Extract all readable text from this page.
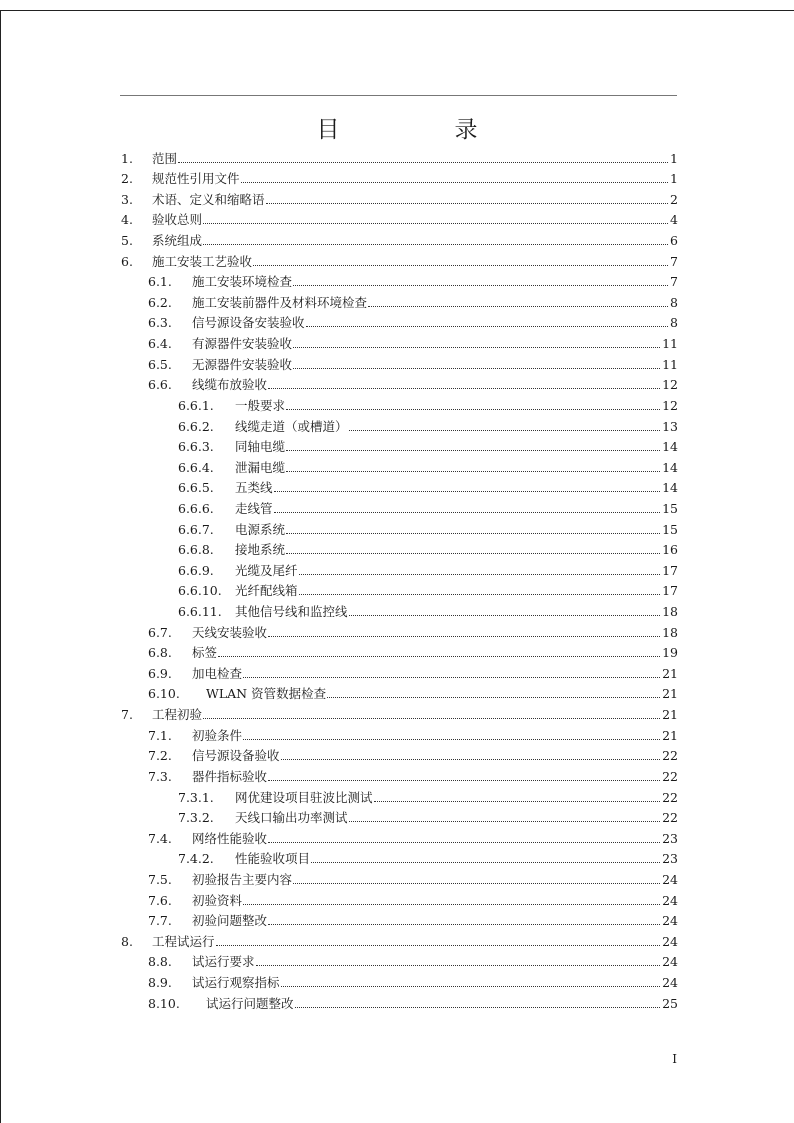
目　录
1. 范围	1
2. 规范性引用文件	1
3. 术语、定义和缩略语	2
4. 验收总则	4
5. 系统组成	6
6. 施工安装工艺验收	7
6.1. 施工安装环境检查	7
6.2. 施工安装前器件及材料环境检查	8
6.3. 信号源设备安装验收	8
6.4. 有源器件安装验收	11
6.5. 无源器件安装验收	11
6.6. 线缆布放验收	12
6.6.1. 一般要求	12
6.6.2. 线缆走道（或槽道）	13
6.6.3. 同轴电缆	14
6.6.4. 泄漏电缆	14
6.6.5. 五类线	14
6.6.6. 走线管	15
6.6.7. 电源系统	15
6.6.8. 接地系统	16
6.6.9. 光缆及尾纤	17
6.6.10. 光纤配线箱	17
6.6.11. 其他信号线和监控线	18
6.7. 天线安装验收	18
6.8. 标签	19
6.9. 加电检查	21
6.10. WLAN 资管数据检查	21
7. 工程初验	21
7.1. 初验条件	21
7.2. 信号源设备验收	22
7.3. 器件指标验收	22
7.3.1. 网优建设项目驻波比测试	22
7.3.2. 天线口输出功率测试	22
7.4. 网络性能验收	23
7.4.2. 性能验收项目	23
7.5. 初验报告主要内容	24
7.6. 初验资料	24
7.7. 初验问题整改	24
8. 工程试运行	24
8.8. 试运行要求	24
8.9. 试运行观察指标	24
8.10. 试运行问题整改	25
I
